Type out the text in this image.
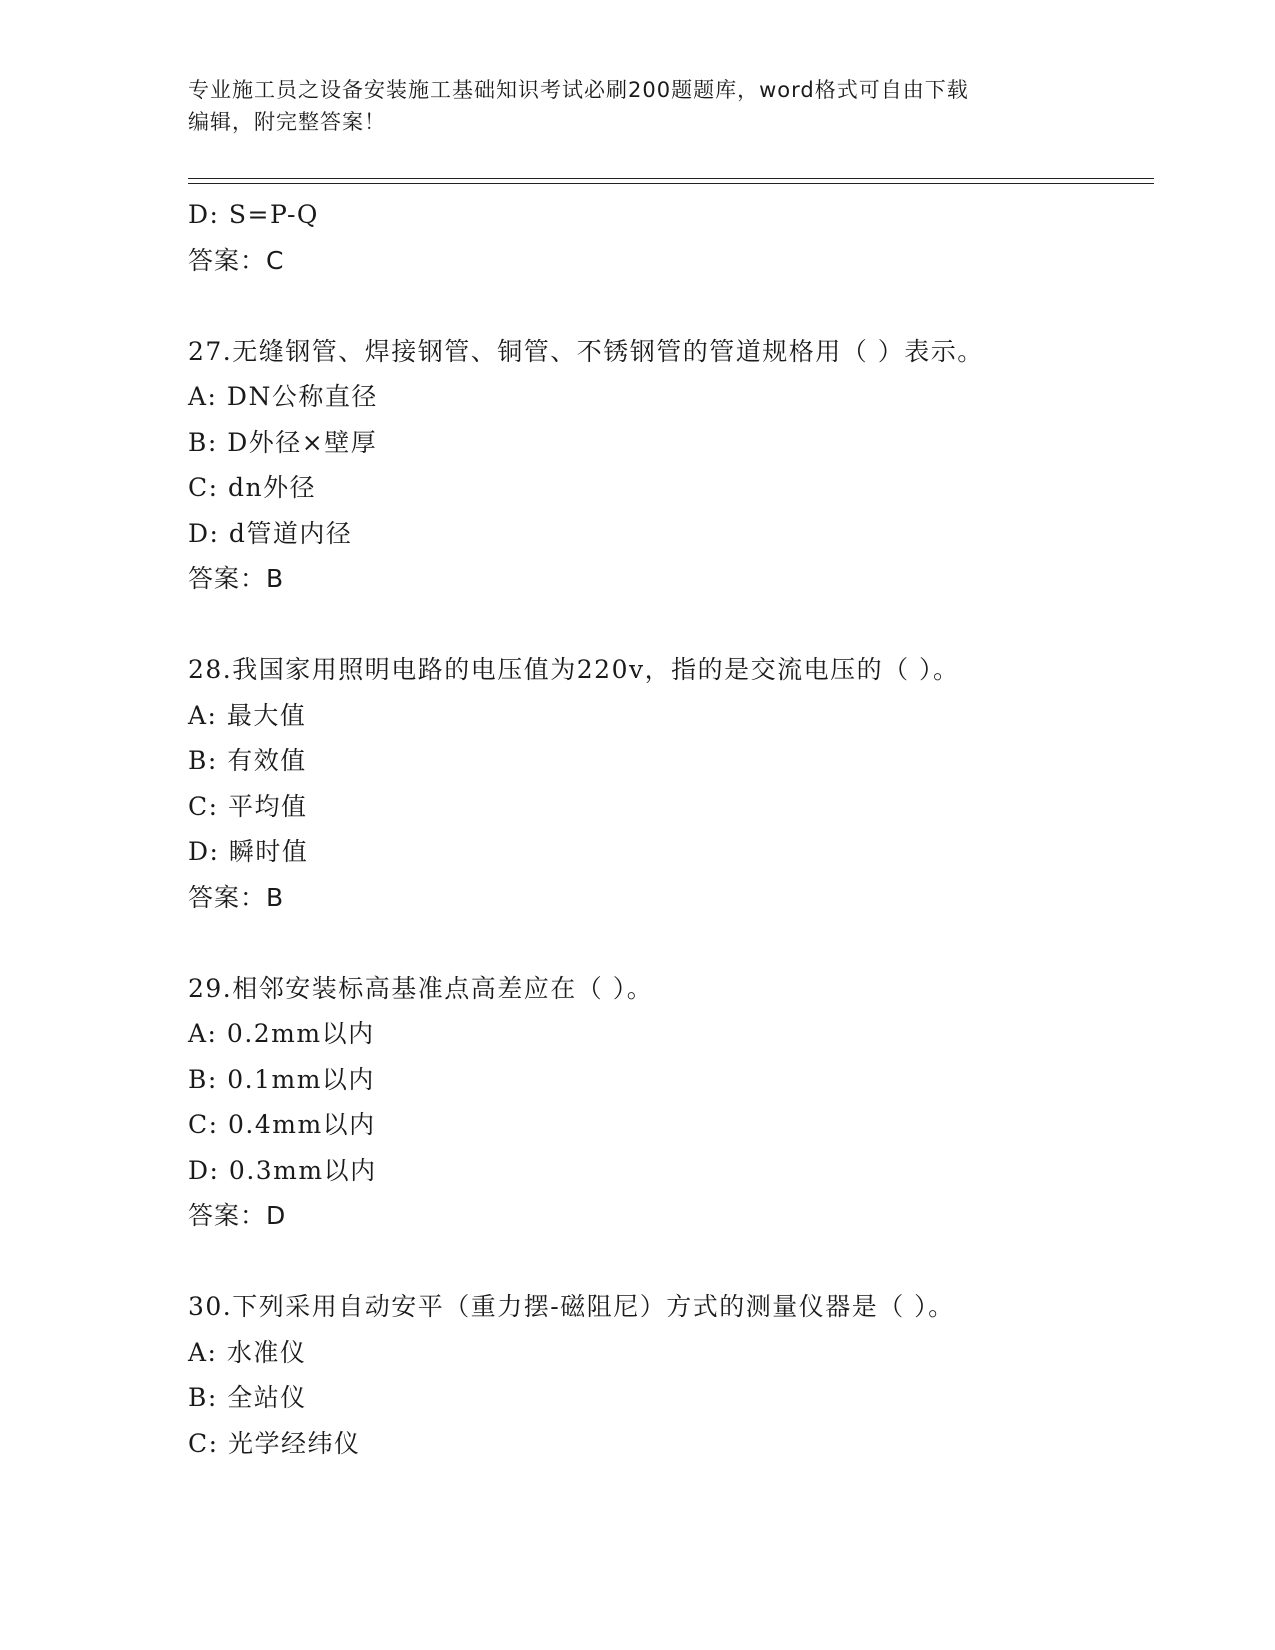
专业施工员之设备安装施工基础知识考试必刷200题题库，word格式可自由下载
编辑，附完整答案！
D: S=P-Q
答案：C
27.无缝钢管、焊接钢管、铜管、不锈钢管的管道规格用（ ）表示。
A: DN公称直径
B: D外径×壁厚
C: dn外径
D: d管道内径
答案：B
28.我国家用照明电路的电压值为220v，指的是交流电压的（ ）。
A: 最大值
B: 有效值
C: 平均值
D: 瞬时值
答案：B
29.相邻安装标高基准点高差应在（ ）。
A: 0.2mm以内
B: 0.1mm以内
C: 0.4mm以内
D: 0.3mm以内
答案：D
30.下列采用自动安平（重力摆-磁阻尼）方式的测量仪器是（ ）。
A: 水准仪
B: 全站仪
C: 光学经纬仪
